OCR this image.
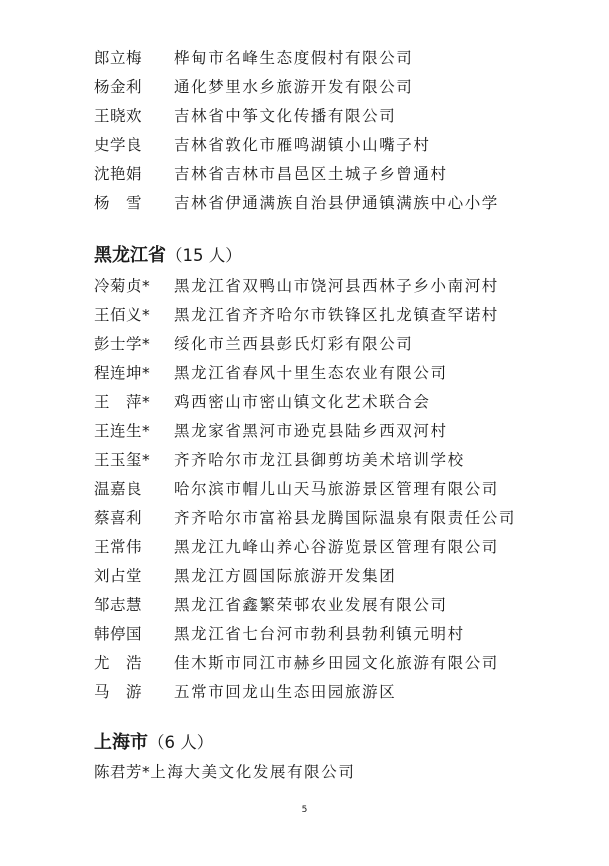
郎立梅 桦甸市名峰生态度假村有限公司
杨金利 通化梦里水乡旅游开发有限公司
王晓欢 吉林省中筝文化传播有限公司
史学良 吉林省敦化市雁鸣湖镇小山嘴子村
沈艳娟 吉林省吉林市昌邑区土城子乡曾通村
杨　雪 吉林省伊通满族自治县伊通镇满族中心小学
黑龙江省（15 人）
冷菊贞* 黑龙江省双鸭山市饶河县西林子乡小南河村
王佰义* 黑龙江省齐齐哈尔市铁锋区扎龙镇查罕诺村
彭士学* 绥化市兰西县彭氏灯彩有限公司
程连坤* 黑龙江省春风十里生态农业有限公司
王　萍* 鸡西密山市密山镇文化艺术联合会
王连生* 黑龙家省黑河市逊克县陆乡西双河村
王玉玺* 齐齐哈尔市龙江县御剪坊美术培训学校
温嘉良 哈尔滨市帽儿山天马旅游景区管理有限公司
蔡喜利 齐齐哈尔市富裕县龙腾国际温泉有限责任公司
王常伟 黑龙江九峰山养心谷游览景区管理有限公司
刘占堂 黑龙江方圆国际旅游开发集团
邹志慧 黑龙江省鑫繁荣邨农业发展有限公司
韩停国 黑龙江省七台河市勃利县勃利镇元明村
尤　浩 佳木斯市同江市赫乡田园文化旅游有限公司
马　游 五常市回龙山生态田园旅游区
上海市（6 人）
陈君芳*上海大美文化发展有限公司
5
